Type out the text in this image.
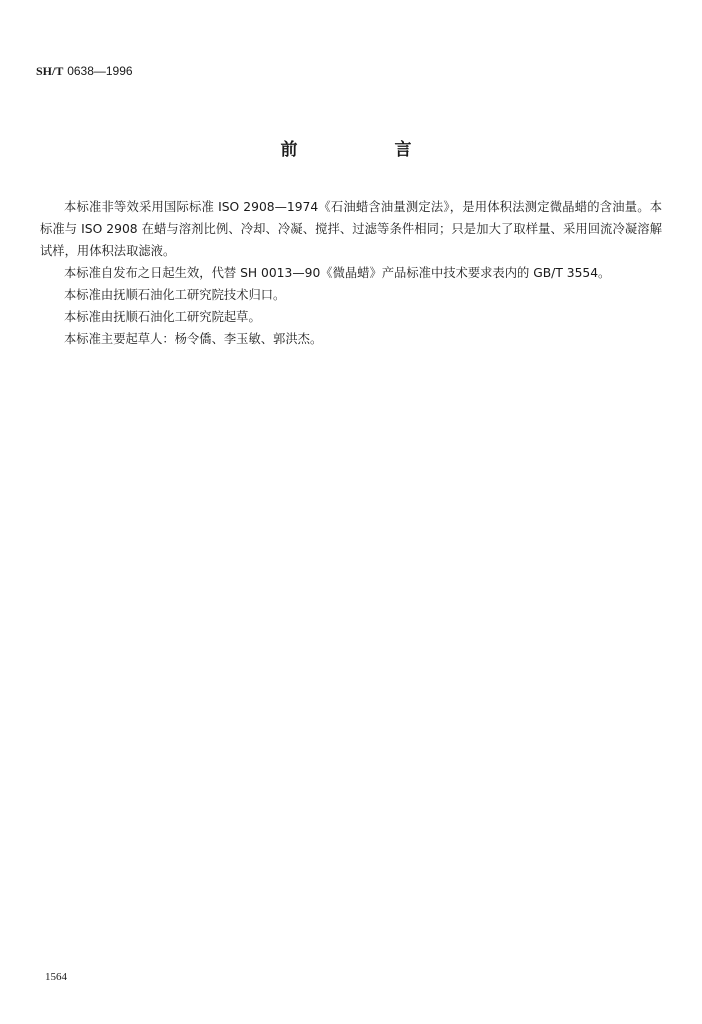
SH/T 0638—1996
前　言

本标准非等效采用国际标准 ISO 2908—1974《石油蜡含油量测定法》，是用体积法测定微晶蜡的含油量。本标准与 ISO 2908 在蜡与溶剂比例、冷却、冷凝、搅拌、过滤等条件相同；只是加大了取样量、采用回流冷凝溶解试样，用体积法取滤液。

本标准自发布之日起生效，代替 SH 0013—90《微晶蜡》产品标准中技术要求表内的 GB/T 3554。

本标准由抚顺石油化工研究院技术归口。

本标准由抚顺石油化工研究院起草。

本标准主要起草人：杨令僑、李玉敏、郭洪杰。

1564
